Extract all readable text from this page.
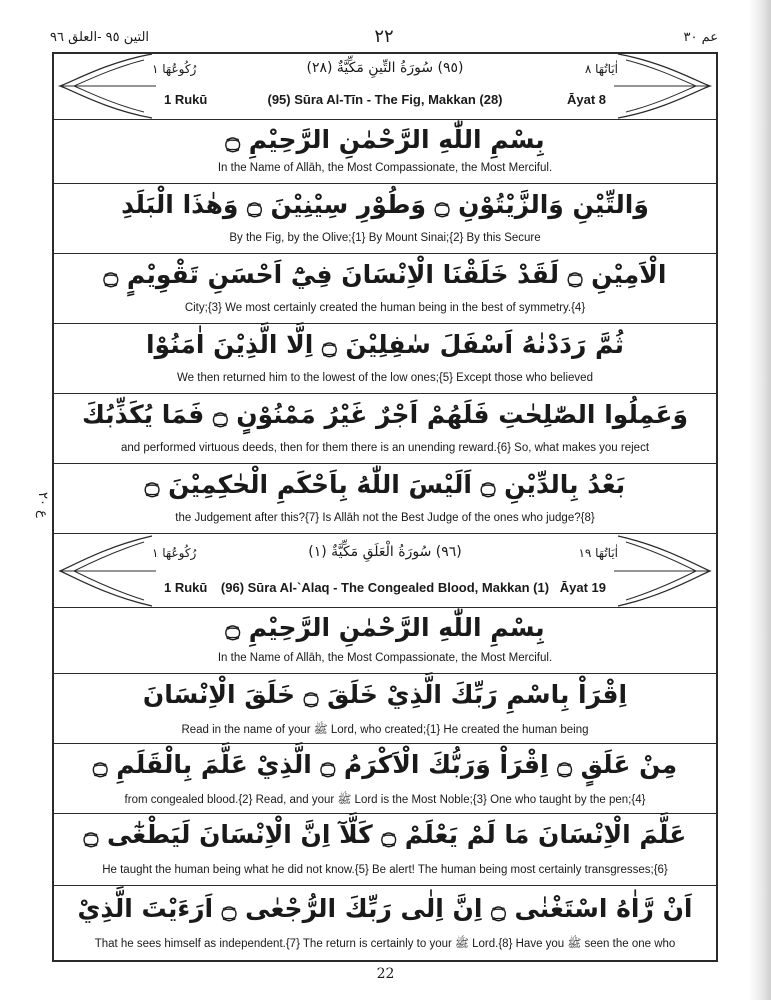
التين ٩٥ -العلق ٩٦	٢٢	عم ٣٠
ع ٢٠
(٩٥) سُورَةُ التِّينِ مَكِّيَّةٌ (٢٨)
رُكُوعُهَا ١	اٰيَاتُهَا ٨
1 Rukū	(95) Sūra Al-Tīn - The Fig, Makkan (28)	Āyat 8
بِسْمِ اللّٰهِ الرَّحْمٰنِ الرَّحِيْمِ ۝
In the Name of Allāh, the Most Compassionate, the Most Merciful.
وَالتِّيْنِ وَالزَّيْتُوْنِ ۝ وَطُوْرِ سِيْنِيْنَ ۝ وَهٰذَا الْبَلَدِ
By the Fig, by the Olive;{1} By Mount Sinai;{2} By this Secure
الْاَمِيْنِ ۝ لَقَدْ خَلَقْنَا الْاِنْسَانَ فِيْٓ اَحْسَنِ تَقْوِيْمٍ ۝
City;{3} We most certainly created the human being in the best of symmetry.{4}
ثُمَّ رَدَدْنٰهُ اَسْفَلَ سٰفِلِيْنَ ۝ اِلَّا الَّذِيْنَ اٰمَنُوْا
We then returned him to the lowest of the low ones;{5} Except those who believed
وَعَمِلُوا الصّٰلِحٰتِ فَلَهُمْ اَجْرٌ غَيْرُ مَمْنُوْنٍ ۝ فَمَا يُكَذِّبُكَ
and performed virtuous deeds, then for them there is an unending reward.{6} So, what makes you reject
بَعْدُ بِالدِّيْنِ ۝ اَلَيْسَ اللّٰهُ بِاَحْكَمِ الْحٰكِمِيْنَ ۝
the Judgement after this?{7} Is Allāh not the Best Judge of the ones who judge?{8}
(٩٦) سُورَةُ الْعَلَقِ مَكِّيَّةٌ (١)
رُكُوعُهَا ١	اٰيَاتُهَا ١٩
1 Rukū	(96) Sūra Al-`Alaq - The Congealed Blood, Makkan (1) Āyat 19
بِسْمِ اللّٰهِ الرَّحْمٰنِ الرَّحِيْمِ ۝
In the Name of Allāh, the Most Compassionate, the Most Merciful.
اِقْرَاْ بِاسْمِ رَبِّكَ الَّذِيْ خَلَقَ ۝ خَلَقَ الْاِنْسَانَ
Read in the name of your ﷺ Lord, who created;{1} He created the human being
مِنْ عَلَقٍ ۝ اِقْرَاْ وَرَبُّكَ الْاَكْرَمُ ۝ الَّذِيْ عَلَّمَ بِالْقَلَمِ ۝
from congealed blood.{2} Read, and your ﷺ Lord is the Most Noble;{3} One who taught by the pen;{4}
عَلَّمَ الْاِنْسَانَ مَا لَمْ يَعْلَمْ ۝ كَلَّآ اِنَّ الْاِنْسَانَ لَيَطْغٰٓى ۝
He taught the human being what he did not know.{5} Be alert! The human being most certainly transgresses;{6}
اَنْ رَّاٰهُ اسْتَغْنٰى ۝ اِنَّ اِلٰى رَبِّكَ الرُّجْعٰى ۝ اَرَءَيْتَ الَّذِيْ
That he sees himself as independent.{7} The return is certainly to your ﷺ Lord.{8} Have you ﷺ seen the one who
22
